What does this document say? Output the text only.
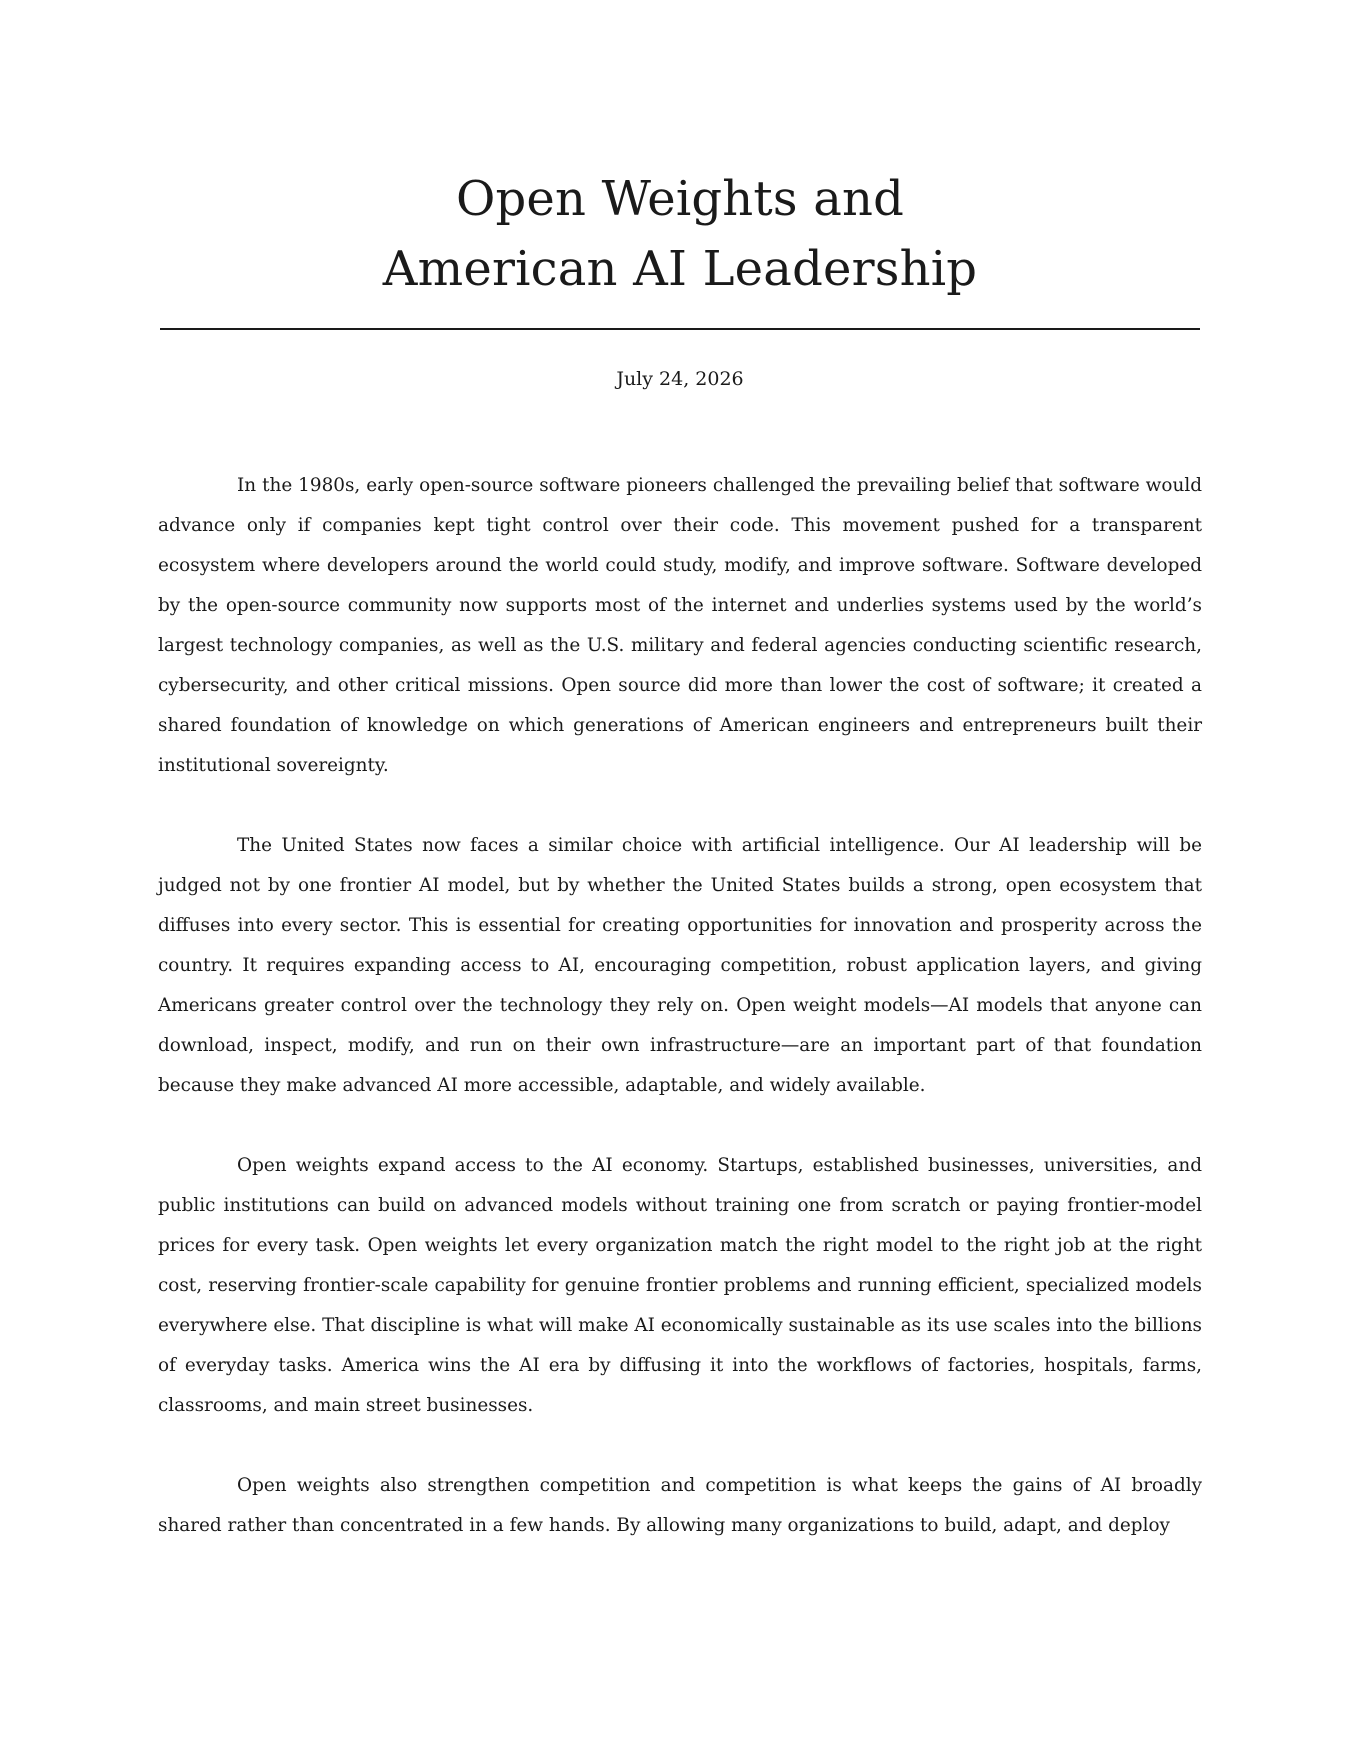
Open Weights and
American AI Leadership
July 24, 2026

In the 1980s, early open-source software pioneers challenged the prevailing belief that software would advance only if companies kept tight control over their code. This movement pushed for a transparent ecosystem where developers around the world could study, modify, and improve software. Software developed by the open-source community now supports most of the internet and underlies systems used by the world’s largest technology companies, as well as the U.S. military and federal agencies conducting scientific research, cybersecurity, and other critical missions. Open source did more than lower the cost of software; it created a shared foundation of knowledge on which generations of American engineers and entrepreneurs built their institutional sovereignty.

The United States now faces a similar choice with artificial intelligence. Our AI leadership will be judged not by one frontier AI model, but by whether the United States builds a strong, open ecosystem that diffuses into every sector. This is essential for creating opportunities for innovation and prosperity across the country. It requires expanding access to AI, encouraging competition, robust application layers, and giving Americans greater control over the technology they rely on. Open weight models—AI models that anyone can download, inspect, modify, and run on their own infrastructure—are an important part of that foundation because they make advanced AI more accessible, adaptable, and widely available.

Open weights expand access to the AI economy. Startups, established businesses, universities, and public institutions can build on advanced models without training one from scratch or paying frontier-model prices for every task. Open weights let every organization match the right model to the right job at the right cost, reserving frontier-scale capability for genuine frontier problems and running efficient, specialized models everywhere else. That discipline is what will make AI economically sustainable as its use scales into the billions of everyday tasks. America wins the AI era by diffusing it into the workflows of factories, hospitals, farms, classrooms, and main street businesses.

Open weights also strengthen competition and competition is what keeps the gains of AI broadly shared rather than concentrated in a few hands. By allowing many organizations to build, adapt, and deploy
